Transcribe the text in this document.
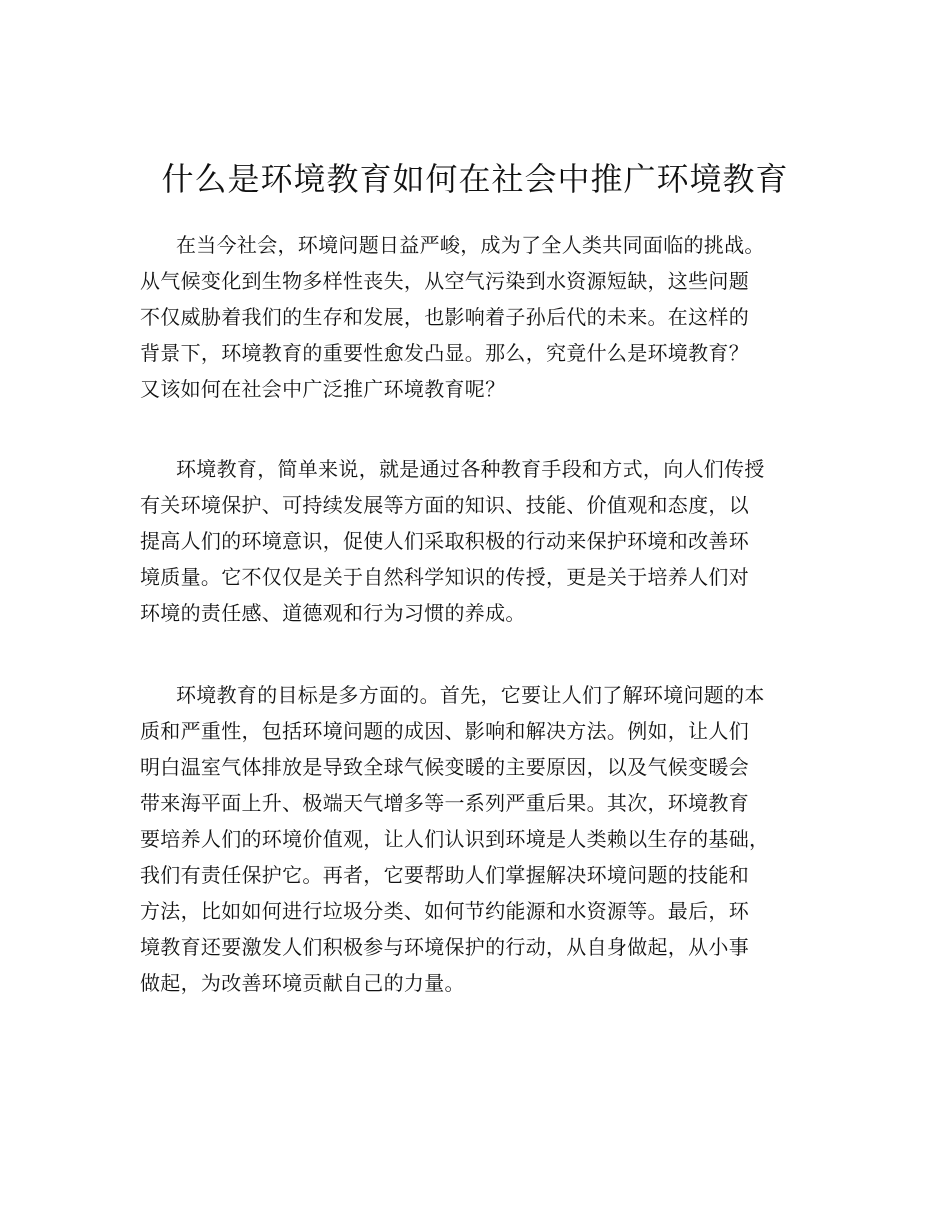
什么是环境教育如何在社会中推广环境教育
在当今社会，环境问题日益严峻，成为了全人类共同面临的挑战。
从气候变化到生物多样性丧失，从空气污染到水资源短缺，这些问题
不仅威胁着我们的生存和发展，也影响着子孙后代的未来。在这样的
背景下，环境教育的重要性愈发凸显。那么，究竟什么是环境教育？
又该如何在社会中广泛推广环境教育呢？
环境教育，简单来说，就是通过各种教育手段和方式，向人们传授
有关环境保护、可持续发展等方面的知识、技能、价值观和态度，以
提高人们的环境意识，促使人们采取积极的行动来保护环境和改善环
境质量。它不仅仅是关于自然科学知识的传授，更是关于培养人们对
环境的责任感、道德观和行为习惯的养成。
环境教育的目标是多方面的。首先，它要让人们了解环境问题的本
质和严重性，包括环境问题的成因、影响和解决方法。例如，让人们
明白温室气体排放是导致全球气候变暖的主要原因，以及气候变暖会
带来海平面上升、极端天气增多等一系列严重后果。其次，环境教育
要培养人们的环境价值观，让人们认识到环境是人类赖以生存的基础，
我们有责任保护它。再者，它要帮助人们掌握解决环境问题的技能和
方法，比如如何进行垃圾分类、如何节约能源和水资源等。最后，环
境教育还要激发人们积极参与环境保护的行动，从自身做起，从小事
做起，为改善环境贡献自己的力量。
